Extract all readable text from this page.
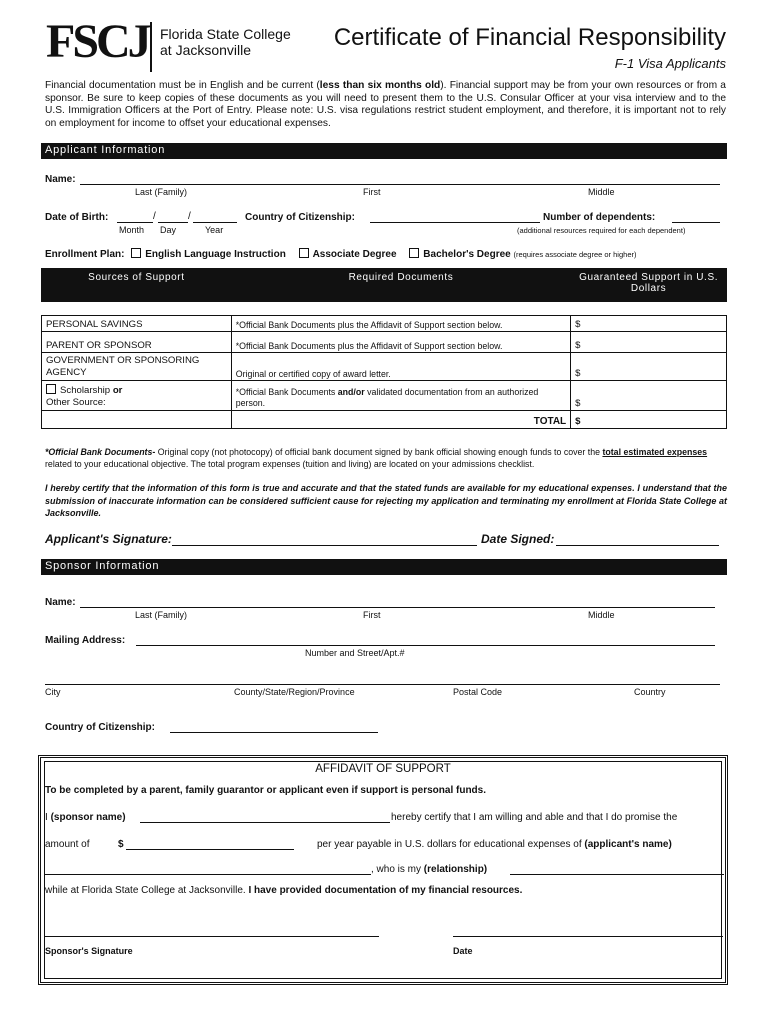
FSCJ Florida State College
at Jacksonville	Certificate of Financial Responsibility
F-1 Visa Applicants
Financial documentation must be in English and be current (less than six months old). Financial support may be from your own resources or from a sponsor. Be sure to keep copies of these documents as you will need to present them to the U.S. Consular Officer at your visa interview and to the U.S. Immigration Officers at the Port of Entry. Please note: U.S. visa regulations restrict student employment, and therefore, it is important not to rely on employment for income to offset your educational expenses.
Applicant Information
Name:
Last (Family)	First	Middle
Date of Birth:	/	/
Month Day	Year
Country of Citizenship:	Number of dependents:
(additional resources required for each dependent)
Enrollment Plan: English Language Instruction	Associate Degree	Bachelor's Degree (requires associate degree or higher)
Sources of Support	Required Documents	Guaranteed Support in U.S. Dollars

PERSONAL SAVINGS	*Official Bank Documents plus the Affidavit of Support section below.	$
PARENT OR SPONSOR	*Official Bank Documents plus the Affidavit of Support section below.	$
GOVERNMENT OR SPONSORING AGENCY	Original or certified copy of award letter.	$
Scholarship or
Other Source:	*Official Bank Documents and/or validated documentation from an authorized person.	$
	TOTAL	$
*Official Bank Documents- Original copy (not photocopy) of official bank document signed by bank official showing enough funds to cover the total estimated expenses related to your educational objective. The total program expenses (tuition and living) are located on your admissions checklist.
I hereby certify that the information of this form is true and accurate and that the stated funds are available for my educational expenses. I understand that the submission of inaccurate information can be considered sufficient cause for rejecting my application and terminating my enrollment at Florida State College at Jacksonville.
Applicant's Signature:	Date Signed:
Sponsor Information
Name:
Last (Family)	First	Middle
Mailing Address:
Number and Street/Apt.#
City	County/State/Region/Province	Postal Code	Country
Country of Citizenship:
AFFIDAVIT OF SUPPORT
To be completed by a parent, family guarantor or applicant even if support is personal funds.
I (sponsor name)	hereby certify that I am willing and able and that I do promise the
amount of	$	per year payable in U.S. dollars for educational expenses of (applicant's name)
, who is my (relationship)
while at Florida State College at Jacksonville. I have provided documentation of my financial resources.
Sponsor's Signature	Date
